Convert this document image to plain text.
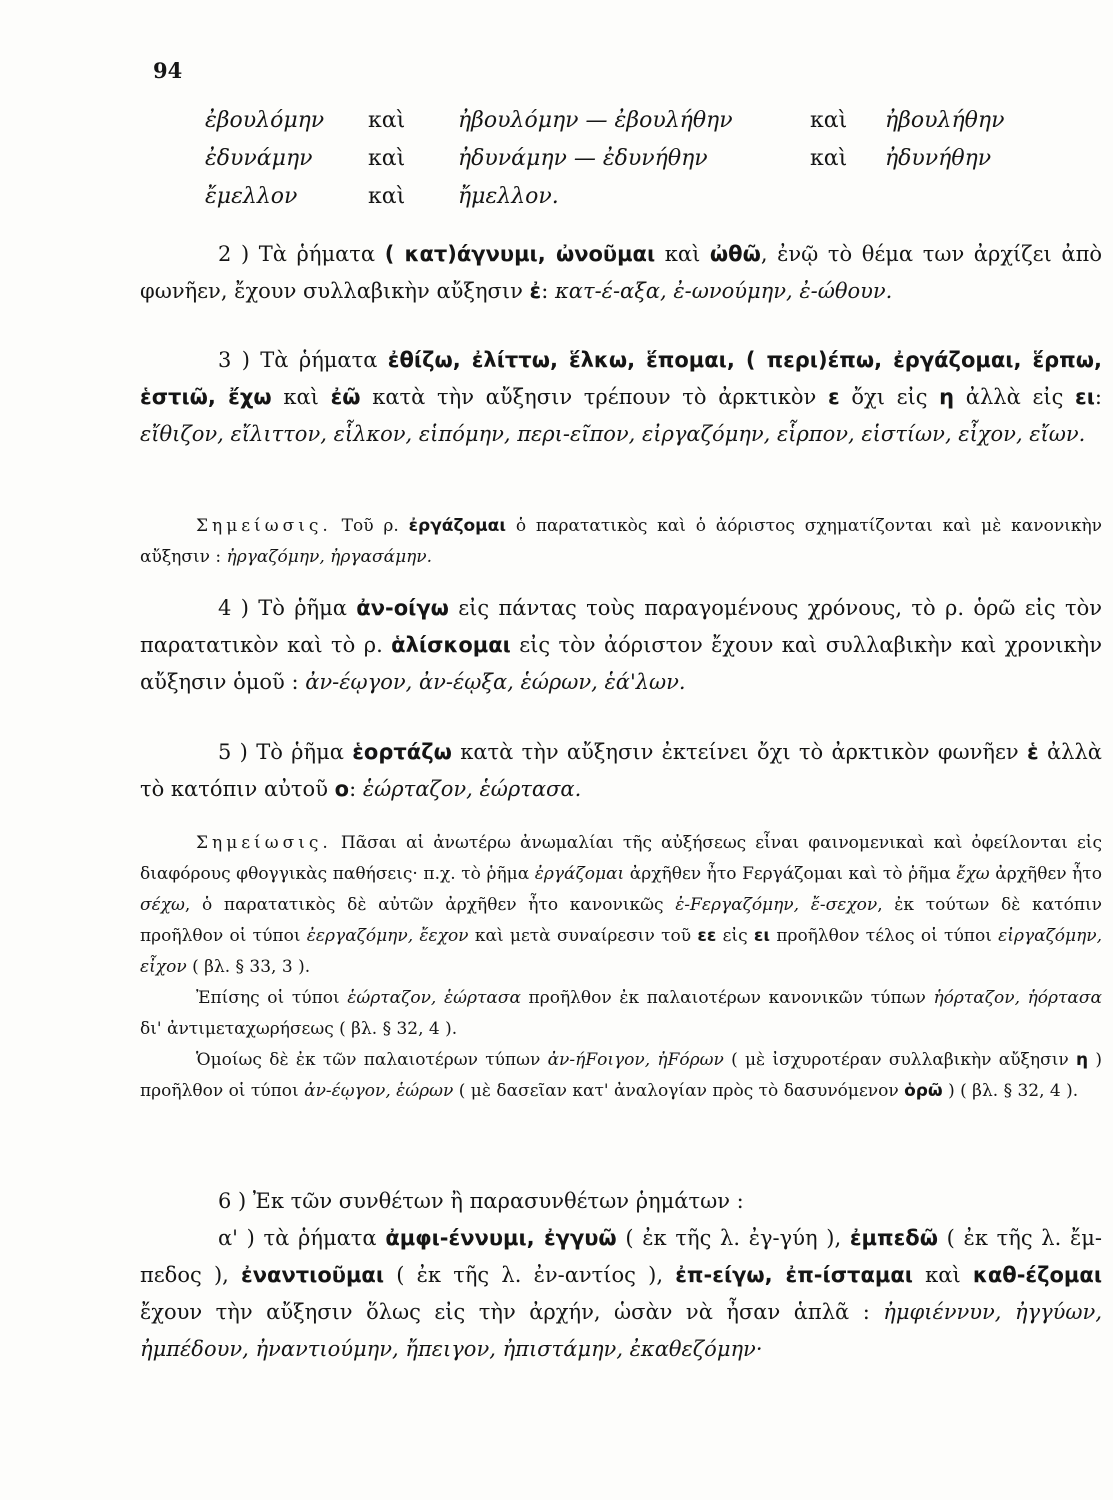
94
ἐβουλόμην καὶ ἠβουλόμην — ἐβουλήθην	καὶ ἠβουλήθην
ἐδυνάμην	καὶ ἠδυνάμην — ἐδυνήθην	καὶ ἠδυνήθην
ἔμελλον	καὶ ἤμελλον.

2 ) Τὰ ῥήματα ( κατ)άγνυμι, ὠνοῦμαι καὶ ὠθῶ, ἐνῷ τὸ θέμα των ἀρχίζει ἀπὸ φωνῆεν, ἔχουν συλλαβικὴν αὔξησιν ἐ: κατ-έ-αξα, ἐ-ωνούμην, ἐ-ώθουν.

3 ) Τὰ ῥήματα ἐθίζω, ἐλίττω, ἕλκω, ἕπομαι, ( περι)έπω, ἐργάζομαι, ἕρπω, ἑστιῶ, ἔχω καὶ ἐῶ κατὰ τὴν αὔξησιν τρέπουν τὸ ἀρκτικὸν ε ὄχι εἰς η ἀλλὰ εἰς ει: εἴθιζον, εἴλιττον, εἷλκον, εἱπόμην, περι-εῖπον, εἰργαζόμην, εἷρπον, εἱστίων, εἶχον, εἴων.

Σημείωσις. Τοῦ ρ. ἐργάζομαι ὁ παρατατικὸς καὶ ὁ ἀόριστος σχηματίζονται καὶ μὲ κανονικὴν αὔξησιν : ἠργαζόμην, ἠργασάμην.

4 ) Τὸ ῥῆμα ἀν-οίγω εἰς πάντας τοὺς παραγομένους χρόνους, τὸ ρ. ὁρῶ εἰς τὸν παρατατικὸν καὶ τὸ ρ. ἁλίσκομαι εἰς τὸν ἀόριστον ἔχουν καὶ συλλαβικὴν καὶ χρονικὴν αὔξησιν ὁμοῦ : ἀν-έῳγον, ἀν-έῳξα, ἑώρων, ἑά'λων.

5 ) Τὸ ῥῆμα ἑορτάζω κατὰ τὴν αὔξησιν ἐκτείνει ὄχι τὸ ἀρκτικὸν φωνῆεν ἑ ἀλλὰ τὸ κατόπιν αὐτοῦ ο: ἑώρταζον, ἑώρτασα.

Σημείωσις. Πᾶσαι αἱ ἀνωτέρω ἀνωμαλίαι τῆς αὐξήσεως εἶναι φαινομενικαὶ καὶ ὀφείλονται εἰς διαφόρους φθογγικὰς παθήσεις· π.χ. τὸ ῥῆμα ἐργάζομαι ἀρχῆθεν ἦτο Fεργάζομαι καὶ τὸ ῥῆμα ἔχω ἀρχῆθεν ἦτο σέχω, ὁ παρατατικὸς δὲ αὐτῶν ἀρχῆθεν ἦτο κανονικῶς ἐ-Fεργαζόμην, ἔ-σεχον, ἐκ τούτων δὲ κατόπιν προῆλθον οἱ τύποι ἐεργαζόμην, ἔεχον καὶ μετὰ συναίρεσιν τοῦ εε εἰς ει προῆλθον τέλος οἱ τύποι εἰργαζόμην, εἶχον ( βλ. § 33, 3 ).

Ἐπίσης οἱ τύποι ἑώρταζον, ἑώρτασα προῆλθον ἐκ παλαιοτέρων κανονικῶν τύπων ἡόρταζον, ἡόρτασα δι' ἀντιμεταχωρήσεως ( βλ. § 32, 4 ).

Ὁμοίως δὲ ἐκ τῶν παλαιοτέρων τύπων ἀν-ήFοιγον, ἠFόρων ( μὲ ἰσχυροτέραν συλλαβικὴν αὔξησιν η ) προῆλθον οἱ τύποι ἀν-έῳγον, ἑώρων ( μὲ δασεῖαν κατ' ἀναλογίαν πρὸς τὸ δασυνόμενον ὁρῶ ) ( βλ. § 32, 4 ).

6 ) Ἐκ τῶν συνθέτων ἢ παρασυνθέτων ῥημάτων :

α' ) τὰ ῥήματα ἀμφι-έννυμι, ἐγγυῶ ( ἐκ τῆς λ. ἐγ-γύη ), ἐμπεδῶ ( ἐκ τῆς λ. ἔμ-πεδος ), ἐναντιοῦμαι ( ἐκ τῆς λ. ἐν-αντίος ), ἐπ-είγω, ἐπ-ίσταμαι καὶ καθ-έζομαι ἔχουν τὴν αὔξησιν ὅλως εἰς τὴν ἀρχήν, ὡσὰν νὰ ἦσαν ἁπλᾶ : ἠμφιέννυν, ἠγγύων, ἠμπέδουν, ἠναντιούμην, ἤπειγον, ἠπιστάμην, ἐκαθεζόμην·
